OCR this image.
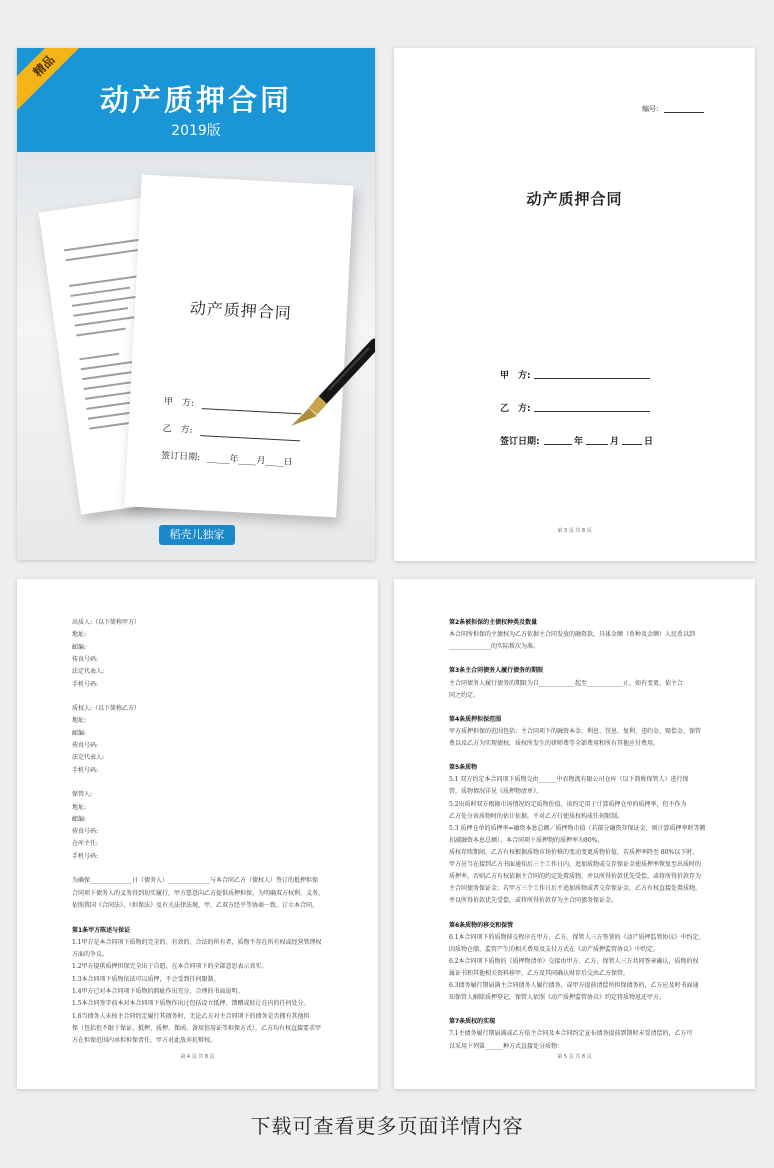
精品
动产质押合同
2019版
动产质押合同
甲　方:
乙　方:
签订日期: _____年____月____日
稻壳儿独家
编号:
动产质押合同
甲　方:
乙　方:
签订日期:	年	月	日
第 3 页 共 8 页
出质人:（以下简称甲方）
地址:
邮编:
传真号码:
法定代表人:
手机号码:
质权人:（以下简称乙方）
地址:
邮编:
传真号码:
法定代表人:
手机号码:
保管人:
地址:
邮编:
传真号码:
仓库主任:
手机号码:
为确保______________日（债务人）______________与本合同乙方（债权人）签订的抵押担保
合同项下债务人的义务得到切实履行，甲方愿意向乙方提供质押担保。为明确双方权利、义务，
依照我国《合同法》、《担保法》及有关法律法规，甲、乙双方经平等协商一致，订立本合同。
第1条甲方陈述与保证
1.1甲方是本合同项下质物的完全的、有效的、合法的所有者，质物不存在所有权或经营管理权
方面的争议。
1.2甲方提供质押担保完全出于自愿，在本合同项下的全部意思表示真实。
1.3本合同项下质物依法可以质押，不会受到任何限制。
1.4甲方已对本合同项下质物的瑕疵作出充分、合理的书面说明。
1.5本合同签字前本对本合同项下质物作出过包括设立抵押、馈赠或转让在内的任何处分。
1.6当债务人未按主合同约定履行其债务时，无论乙方对主合同项下的债务是否拥有其他担
保（包括但不限于保证、抵押、质押、保函、备用信用证等担保方式），乙方均有权直接要求甲
方在担保范围内承担担保责任，甲方对此放弃抗辩权。
第 4 页 共 8 页
第2条被担保的主债权种类及数量
本合同所担保的主债权为乙方依据主合同发放的融资款，具体金额（币种及金额）人民币以到
______________的实际拨次为准。
第3条主合同债务人履行债务的期限
主合同债务人履行债务的期限为自____________起至____________止，如有变更，依主合
同之约定。
第4条质押担保范围
甲方质押担保的范围包括：主合同项下的融资本金、利息、罚息、复利、违约金、赔偿金、保管
费以及乙方为实现债权、质权所发生的律师费等全部费用和所有其他应付费用。
第5条质物
5.1 双方约定本合同项下质物交由______中农物流有限公司仓库（以下简称保管人）进行保
管，质物情况详见《质押物清单》。
5.2出质时双方根据市场情况约定质物价值，该约定用于计算质押仓单的质押率，但不作为
乙方处分该质物时的估计依据，不对乙方行使质权构成任何限制。
5.3 质押仓单的质押率=融资本息总额／质押物市值（若部分融资存保证金，则计算质押率时等额
扣减融资本息总额），本合同项下质押物的质押率为80%。
质权存续期间，乙方有权根据质物市场价格的变动变更质物价值，若质押率降至 80%以下时，
甲方应当在接到乙方书面通知后三个工作日内，追加质物或交存保证金使质押率恢复至出质时的
质押率，否则乙方有权依据主合同的约定处置质物，并以所得价款优先受偿，或将所得价款存为
主合同债务保证金；若甲方三个工作日后不追加质物或者交存保证金，乙方有权直接处置质物，
并以所得价款优先受偿，或将所得价款存为主合同债务保证金。
第6条质物的移交和保管
6.1本合同项下的质物移交程序在甲方、乙方、保管人三方签署的《动产质押监管协议》中约定，
因质物仓储、监管产生的相关费用及支付方式在《动产质押监管协议》中约定。
6.2本合同项下质物的《质押物清单》交接由甲方、乙方、保管人三方共同签章确认，质物的权
属证书和其他相关资料移甲，乙方及其同确认财存后交由乙方保管。
6.3债务履行期届满主合同债务人履行债务，或甲方提前清偿所担保债务的，乙方应及时书面通
知保管人解除质押登记，保管人依照《动产质押监管协议》约定将质物返还甲方。
第7条质权的实现
7.1主债务履行期届满或乙方依主合同及本合同约定宣布债务提前到期时未受清偿的，乙方可
以采用下列第______种方式直接处分质物：
第 5 页 共 8 页
下载可查看更多页面详情内容
